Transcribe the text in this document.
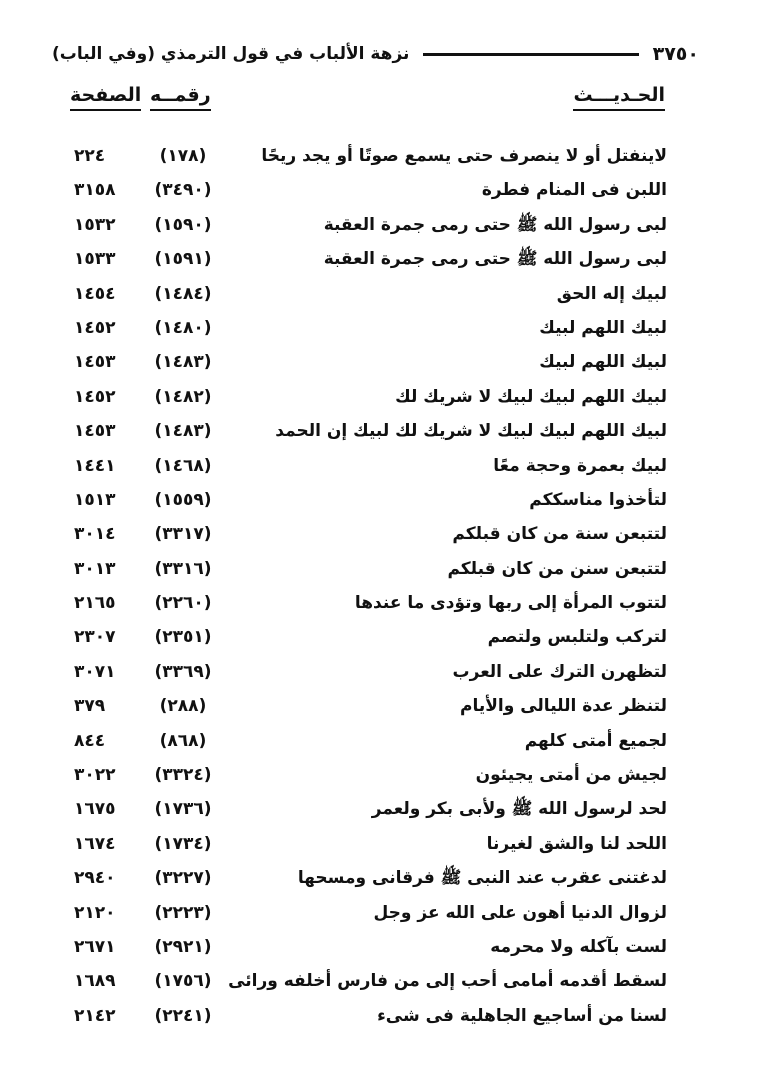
٣٧٥٠
نزهة الألباب في قول الترمذي (وفي الباب)
الحـديـــث
رقمــه
الصفحة
لاينفتل أو لا ينصرف حتى يسمع صوتًا أو يجد ريحًا
(١٧٨)
٢٢٤
اللبن فى المنام فطرة
(٣٤٩٠)
٣١٥٨
لبى رسول الله ﷺ حتى رمى جمرة العقبة
(١٥٩٠)
١٥٣٢
لبى رسول الله ﷺ حتى رمى جمرة العقبة
(١٥٩١)
١٥٣٣
لبيك إله الحق
(١٤٨٤)
١٤٥٤
لبيك اللهم لبيك
(١٤٨٠)
١٤٥٢
لبيك اللهم لبيك
(١٤٨٣)
١٤٥٣
لبيك اللهم لبيك لبيك لا شريك لك
(١٤٨٢)
١٤٥٢
لبيك اللهم لبيك لبيك لا شريك لك لبيك إن الحمد
(١٤٨٣)
١٤٥٣
لبيك بعمرة وحجة معًا
(١٤٦٨)
١٤٤١
لتأخذوا مناسككم
(١٥٥٩)
١٥١٣
لتتبعن سنة من كان قبلكم
(٣٣١٧)
٣٠١٤
لتتبعن سنن من كان قبلكم
(٣٣١٦)
٣٠١٣
لتتوب المرأة إلى ربها وتؤدى ما عندها
(٢٢٦٠)
٢١٦٥
لتركب ولتلبس ولتصم
(٢٣٥١)
٢٣٠٧
لتظهرن الترك على العرب
(٣٣٦٩)
٣٠٧١
لتنظر عدة الليالى والأيام
(٢٨٨)
٣٧٩
لجميع أمتى كلهم
(٨٦٨)
٨٤٤
لجيش من أمتى يجيئون
(٣٣٢٤)
٣٠٢٢
لحد لرسول الله ﷺ ولأبى بكر ولعمر
(١٧٣٦)
١٦٧٥
اللحد لنا والشق لغيرنا
(١٧٣٤)
١٦٧٤
لدغتنى عقرب عند النبى ﷺ فرقانى ومسحها
(٣٢٢٧)
٢٩٤٠
لزوال الدنيا أهون على الله عز وجل
(٢٢٢٣)
٢١٢٠
لست بآكله ولا محرمه
(٢٩٢١)
٢٦٧١
لسقط أقدمه أمامى أحب إلى من فارس أخلفه ورائى
(١٧٥٦)
١٦٨٩
لسنا من أساجيع الجاهلية فى شىء
(٢٢٤١)
٢١٤٢
